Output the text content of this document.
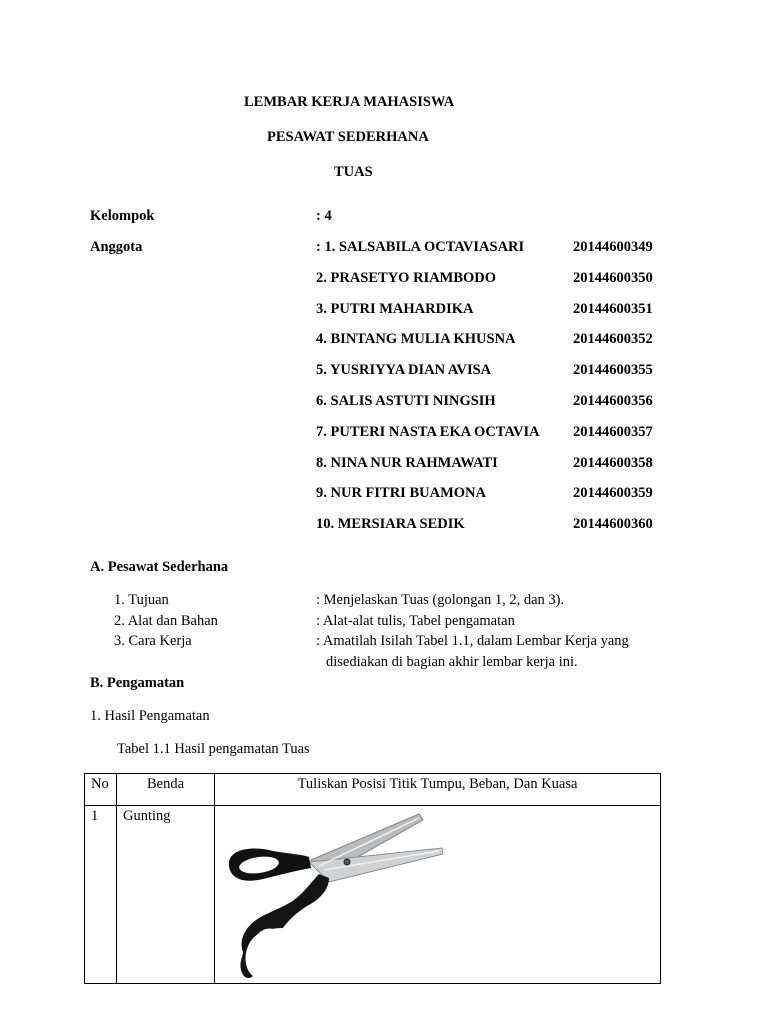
LEMBAR KERJA MAHASISWA
PESAWAT SEDERHANA
TUAS
Kelompok	: 4
Anggota	: 1. SALSABILA OCTAVIASARI	20144600349
2. PRASETYO RIAMBODO	20144600350
3. PUTRI MAHARDIKA	20144600351
4. BINTANG MULIA KHUSNA	20144600352
5. YUSRIYYA DIAN AVISA	20144600355
6. SALIS ASTUTI NINGSIH	20144600356
7. PUTERI NASTA EKA OCTAVIA 20144600357
8. NINA NUR RAHMAWATI	20144600358
9. NUR FITRI BUAMONA	20144600359
10. MERSIARA SEDIK	20144600360
A. Pesawat Sederhana
1. Tujuan	: Menjelaskan Tuas (golongan 1, 2, dan 3).
2. Alat dan Bahan	: Alat-alat tulis, Tabel pengamatan
3. Cara Kerja	: Amatilah Isilah Tabel 1.1, dalam Lembar Kerja yang
disediakan di bagian akhir lembar kerja ini.
B. Pengamatan
1. Hasil Pengamatan
Tabel 1.1 Hasil pengamatan Tuas
No	Benda	Tuliskan Posisi Titik Tumpu, Beban, Dan Kuasa
1	Gunting	
